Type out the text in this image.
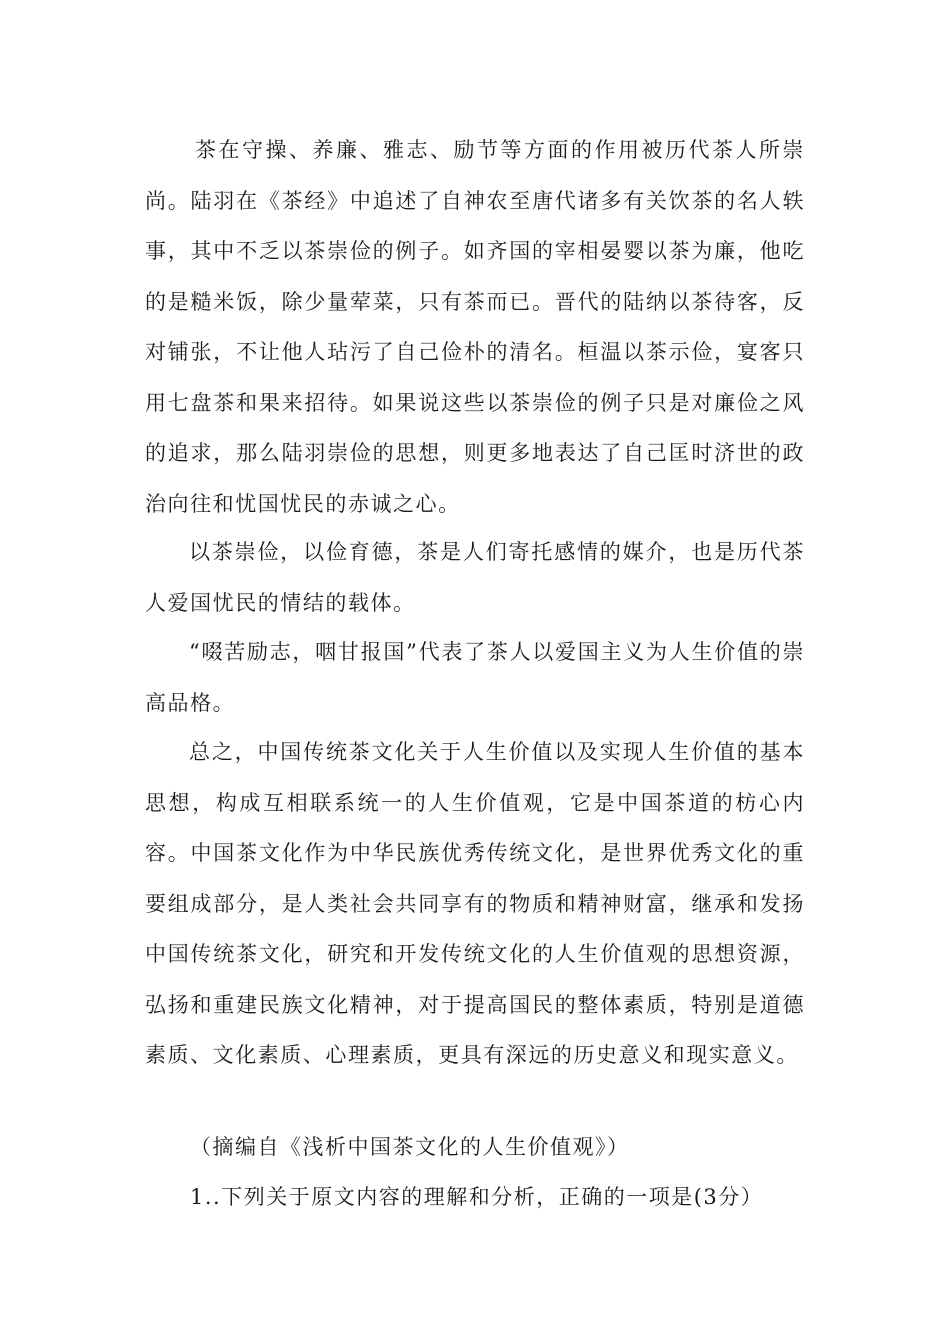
茶在守操、养廉、雅志、励节等方面的作用被历代茶人所崇尚。陆羽在《茶经》中追述了自神农至唐代诸多有关饮茶的名人轶事，其中不乏以茶崇俭的例子。如齐国的宰相晏婴以茶为廉，他吃的是糙米饭，除少量荤菜，只有茶而已。晋代的陆纳以茶待客，反对铺张，不让他人玷污了自己俭朴的清名。桓温以茶示俭，宴客只用七盘茶和果来招待。如果说这些以茶崇俭的例子只是对廉俭之风的追求，那么陆羽崇俭的思想，则更多地表达了自己匡时济世的政治向往和忧国忧民的赤诚之心。

以茶崇俭，以俭育德，茶是人们寄托感情的媒介，也是历代茶人爱国忧民的情结的载体。

“啜苦励志，咽甘报国”代表了茶人以爱国主义为人生价值的崇高品格。

总之，中国传统茶文化关于人生价值以及实现人生价值的基本思想，构成互相联系统一的人生价值观，它是中国茶道的枋心内容。中国茶文化作为中华民族优秀传统文化，是世界优秀文化的重要组成部分，是人类社会共同享有的物质和精神财富，继承和发扬中国传统茶文化，研究和开发传统文化的人生价值观的思想资源，弘扬和重建民族文化精神，对于提高国民的整体素质，特别是道德素质、文化素质、心理素质，更具有深远的历史意义和现实意义。

（摘编自《浅析中国茶文化的人生价值观》）

1..下列关于原文内容的理解和分析，正确的一项是(3分）
